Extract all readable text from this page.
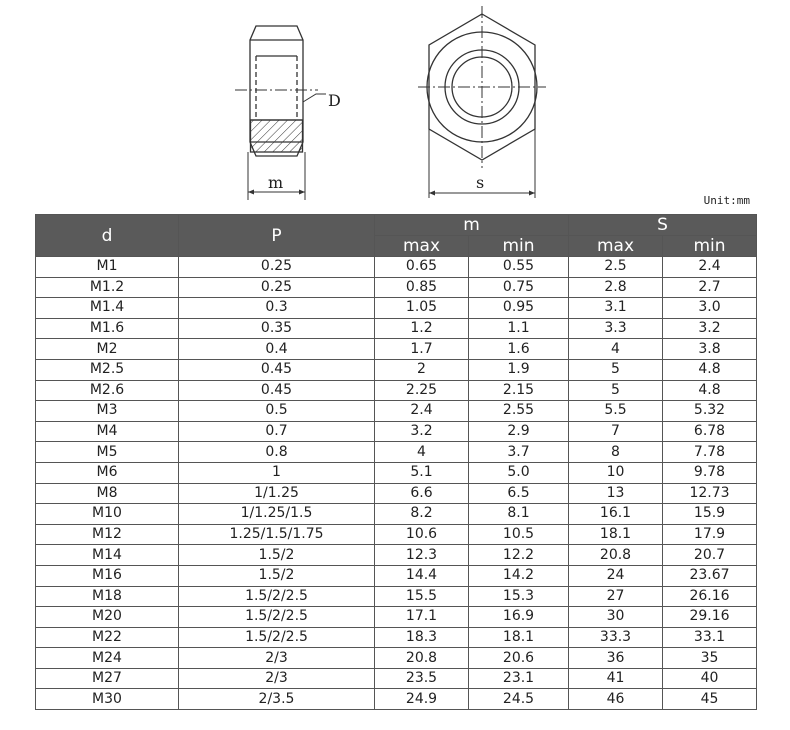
D
m	s
Unit:mm
d	P	m		S	
		max	min	max	min
M1	0.25	0.65	0.55	2.5	2.4
M1.2	0.25	0.85	0.75	2.8	2.7
M1.4	0.3	1.05	0.95	3.1	3.0
M1.6	0.35	1.2	1.1	3.3	3.2
M2	0.4	1.7	1.6	4	3.8
M2.5	0.45	2	1.9	5	4.8
M2.6	0.45	2.25	2.15	5	4.8
M3	0.5	2.4	2.55	5.5	5.32
M4	0.7	3.2	2.9	7	6.78
M5	0.8	4	3.7	8	7.78
M6	1	5.1	5.0	10	9.78
M8	1/1.25	6.6	6.5	13	12.73
M10	1/1.25/1.5	8.2	8.1	16.1	15.9
M12	1.25/1.5/1.75	10.6	10.5	18.1	17.9
M14	1.5/2	12.3	12.2	20.8	20.7
M16	1.5/2	14.4	14.2	24	23.67
M18	1.5/2/2.5	15.5	15.3	27	26.16
M20	1.5/2/2.5	17.1	16.9	30	29.16
M22	1.5/2/2.5	18.3	18.1	33.3	33.1
M24	2/3	20.8	20.6	36	35
M27	2/3	23.5	23.1	41	40
M30	2/3.5	24.9	24.5	46	45
